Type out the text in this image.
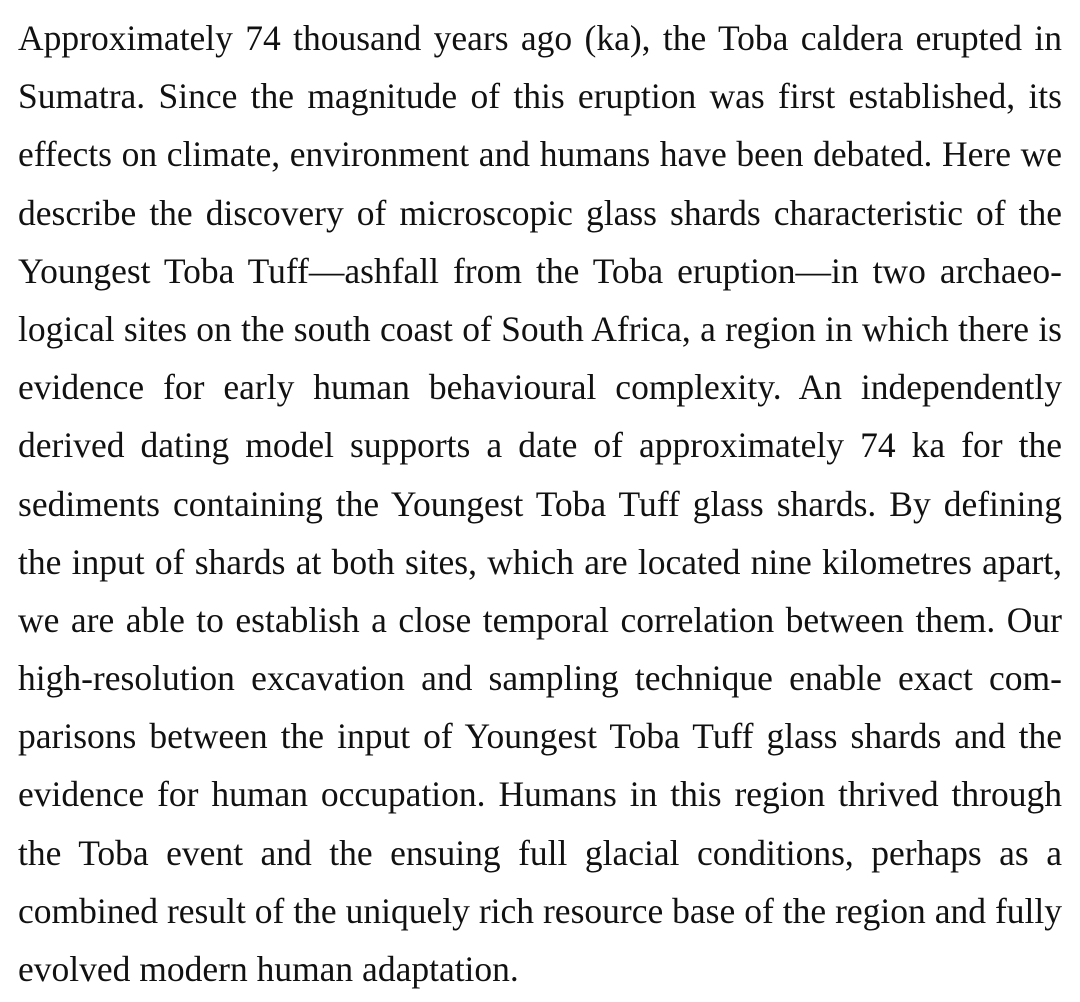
Approximately 74 thousand years ago (ka), the Toba caldera erupted in
Sumatra. Since the magnitude of this eruption was first established, its
effects on climate, environment and humans have been debated. Here we
describe the discovery of microscopic glass shards characteristic of the
Youngest Toba Tuff—ashfall from the Toba eruption—in two archaeo-
logical sites on the south coast of South Africa, a region in which there is
evidence for early human behavioural complexity. An independently
derived dating model supports a date of approximately 74 ka for the
sediments containing the Youngest Toba Tuff glass shards. By defining
the input of shards at both sites, which are located nine kilometres apart,
we are able to establish a close temporal correlation between them. Our
high-resolution excavation and sampling technique enable exact com-
parisons between the input of Youngest Toba Tuff glass shards and the
evidence for human occupation. Humans in this region thrived through
the Toba event and the ensuing full glacial conditions, perhaps as a
combined result of the uniquely rich resource base of the region and fully
evolved modern human adaptation.
